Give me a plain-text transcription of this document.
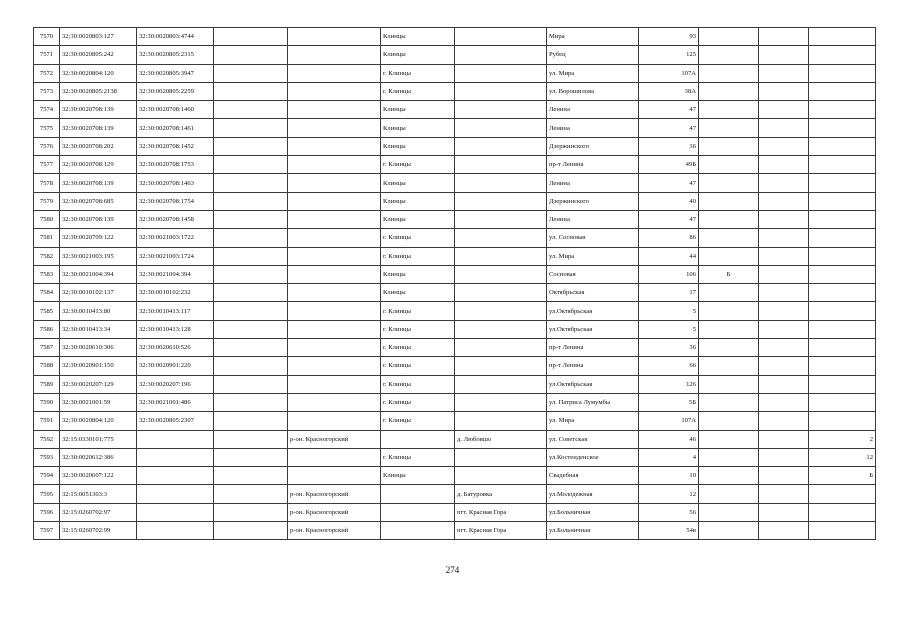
7570	32:30:0020803:127	32:30:0020803:4744			Клинцы		Мира	93			
7571	32:30:0020805:242	32:30:0020805:2315			Клинцы		Рубец	125			
7572	32:30:0020804:120	32:30:0020805:3947			г. Клинцы		ул. Мира	107А			
7573	32:30:0020805:2138	32:30:0020805:2259			г. Клинцы		ул. Ворошилова	38А			
7574	32:30:0020708:139	32:30:0020708:1460			Клинцы		Ленина	47			
7575	32:30:0020708:139	32:30:0020708:1461			Клинцы		Ленина	47			
7576	32:30:0020708:202	32:30:0020708:1452			Клинцы		Дзержинского	36			
7577	32:30:0020708:129	32:30:0020708:1753			г. Клинцы		пр-т Ленина	49Б			
7578	32:30:0020708:139	32:30:0020708:1463			Клинцы		Ленина	47			
7579	32:30:0020708:685	32:30:0020708:1754			Клинцы		Дзержинского	40			
7580	32:30:0020708:139	32:30:0020708:1458			Клинцы		Ленина	47			
7581	32:30:0020709:122	32:30:0021003:1722			г. Клинцы		ул. Сосновая	86			
7582	32:30:0021003:195	32:30:0021003:1724			г. Клинцы		ул. Мира	44			
7583	32:30:0021004:394	32:30:0021004:394			Клинцы		Сосновая	106	Б		
7584	32:30:0010102:137	32:30:0010102:232			Клинцы		Октябрьская	17			
7585	32:30:0010413:80	32:30:0010413:117			г. Клинцы		ул.Октябрьская	5			
7586	32:30:0010413:34	32:30:0010413:128			г. Клинцы		ул.Октябрьская	5			
7587	32:30:0020610:306	32:30:0020610:526			г. Клинцы		пр-т Ленина	36			
7588	32:30:0020901:150	32:30:0020901:220			г. Клинцы		пр-т Ленина	66			
7589	32:30:0020207:129	32:30:0020207:196			г. Клинцы		ул.Октябрьская	126			
7590	32:30:0021001:59	32:30:0021001:486			г. Клинцы		ул. Патриса Лумумбы	5Б			
7591	32:30:0020804:120	32:30:0020805:2307			г. Клинцы		ул. Мира	107А			
7592	32:15:0330101:775			р-он. Красногорский		д. Любовшо	ул. Советская	46			2
7593	32:30:0020612:386				г. Клинцы		ул.Костенденское	4			12
7594	32:30:0020607:122				Клинцы		Свадебная	10			Б
7595	32:15:0051303:3			р-он. Красногорский		д. Батуровка	ул.Молодежная	12			
7596	32:15:0260702:97			р-он. Красногорский		пгт. Красная Гора	ул.Больничная	56			
7597	32:15:0260702:99			р-он. Красногорский		пгт. Красная Гора	ул.Больничная	54в			
274
